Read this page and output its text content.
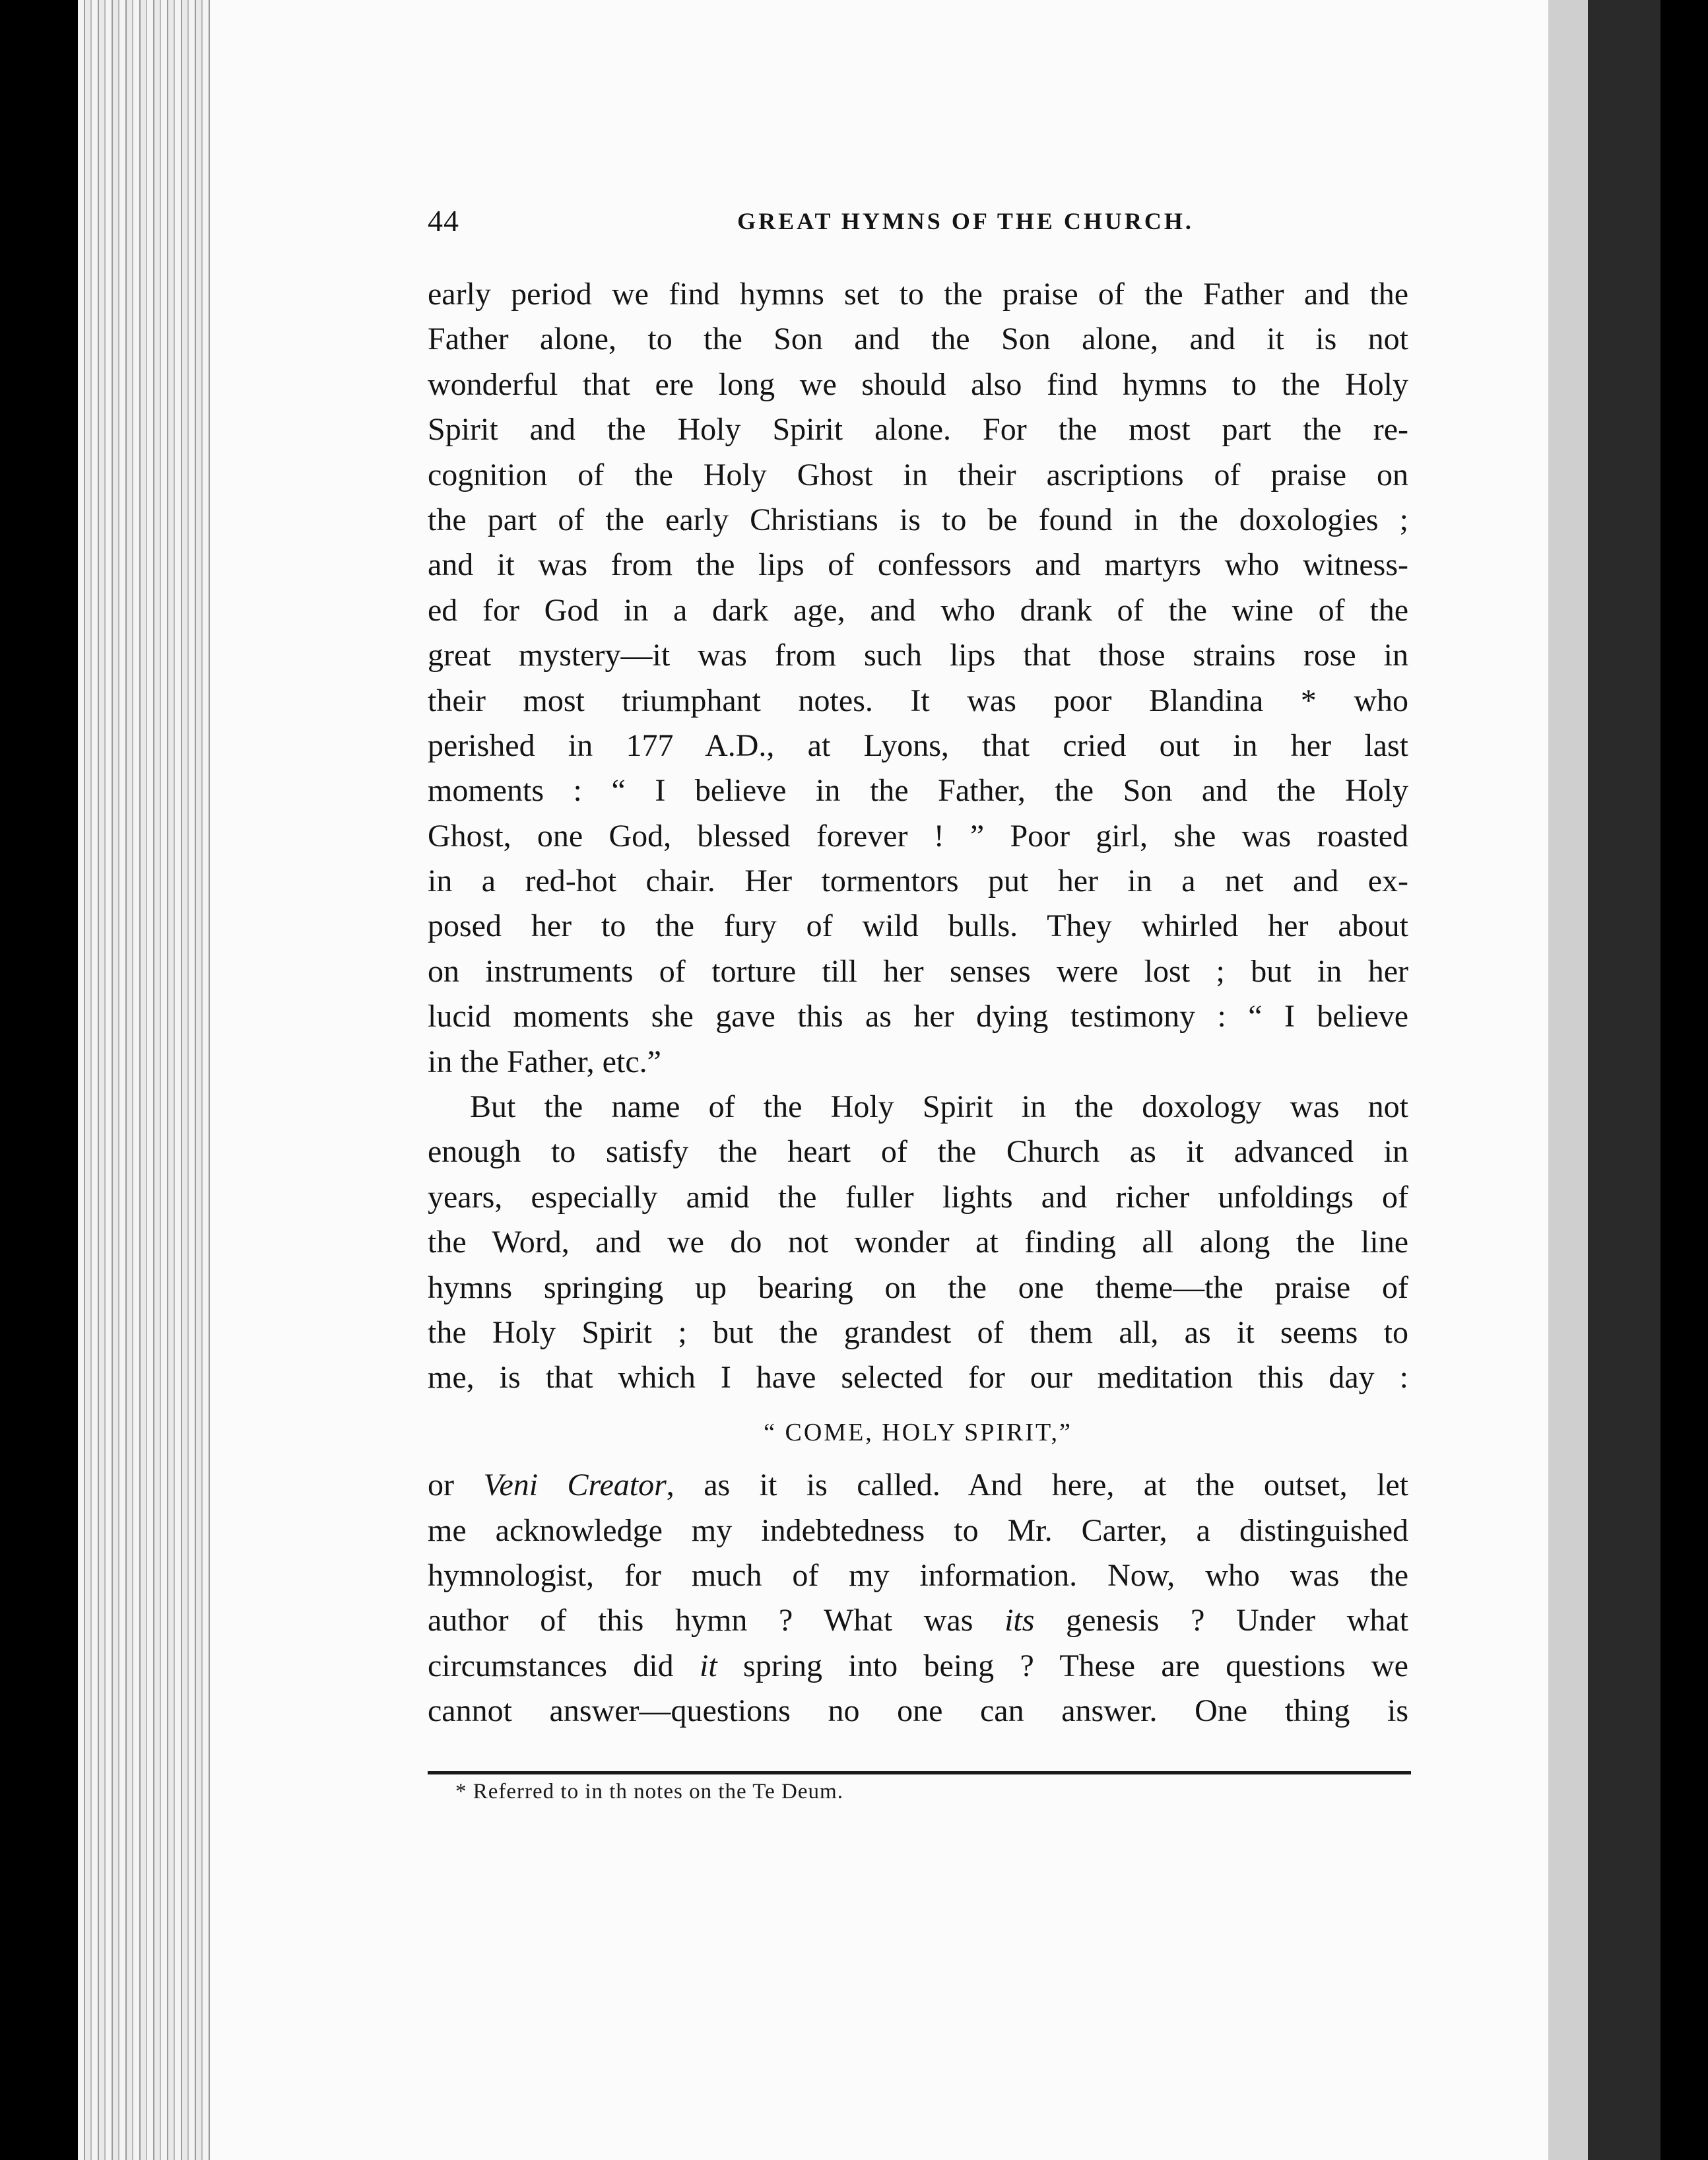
44	GREAT HYMNS OF THE CHURCH.
early period we find hymns set to the praise of the Father and the
Father alone, to the Son and the Son alone, and it is not
wonderful that ere long we should also find hymns to the Holy
Spirit and the Holy Spirit alone. For the most part the re-
cognition of the Holy Ghost in their ascriptions of praise on
the part of the early Christians is to be found in the doxologies ;
and it was from the lips of confessors and martyrs who witness-
ed for God in a dark age, and who drank of the wine of the
great mystery—it was from such lips that those strains rose in
their most triumphant notes. It was poor Blandina * who
perished in 177 A.D., at Lyons, that cried out in her last
moments : “ I believe in the Father, the Son and the Holy
Ghost, one God, blessed forever ! ” Poor girl, she was roasted
in a red-hot chair. Her tormentors put her in a net and ex-
posed her to the fury of wild bulls. They whirled her about
on instruments of torture till her senses were lost ; but in her
lucid moments she gave this as her dying testimony : “ I believe
in the Father, etc.”
But the name of the Holy Spirit in the doxology was not
enough to satisfy the heart of the Church as it advanced in
years, especially amid the fuller lights and richer unfoldings of
the Word, and we do not wonder at finding all along the line
hymns springing up bearing on the one theme—the praise of
the Holy Spirit ; but the grandest of them all, as it seems to
me, is that which I have selected for our meditation this day :
“ COME, HOLY SPIRIT,”
or Veni Creator, as it is called. And here, at the outset, let
me acknowledge my indebtedness to Mr. Carter, a distinguished
hymnologist, for much of my information. Now, who was the
author of this hymn ? What was its genesis ? Under what
circumstances did it spring into being ? These are questions we
cannot answer—questions no one can answer. One thing is
* Referred to in th notes on the Te Deum.
